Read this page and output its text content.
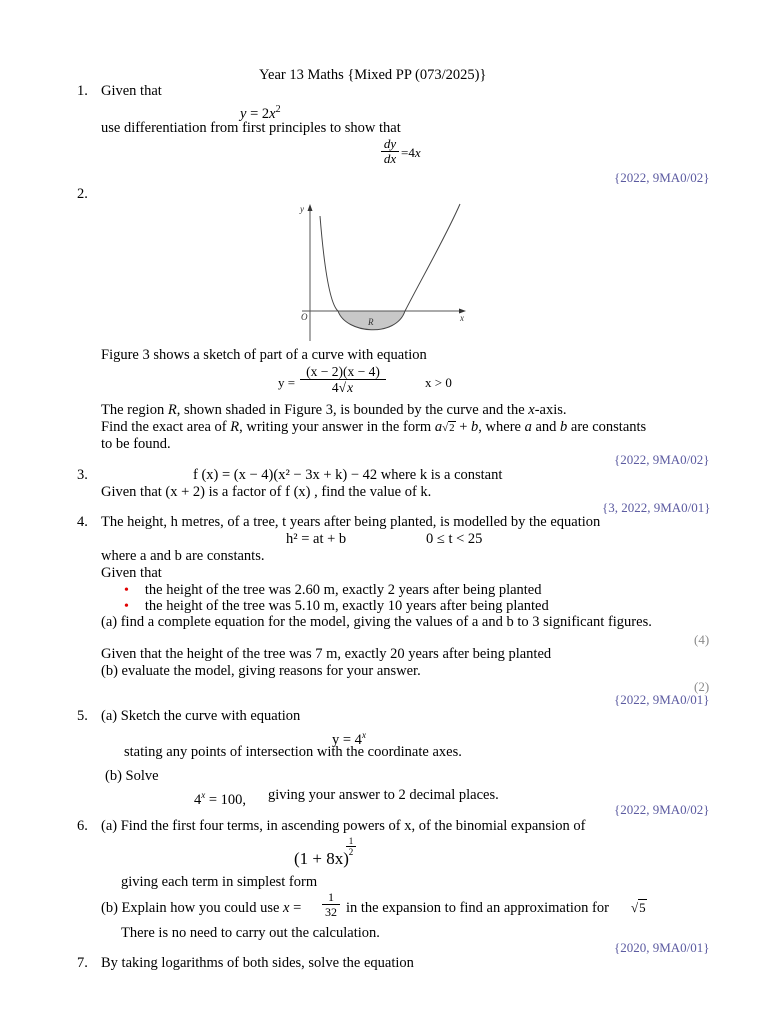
Year 13 Maths {Mixed PP (073/2025)}
1. Given that
$y = 2x^2$
use differentiation from first principles to show that
dy
dx =4x
{2022, 9MA0/02}
2.
y
x
O	R
Figure 3 shows a sketch of part of a curve with equation
y =
(x − 2)(x − 4)
4√x	x > 0
The region R, shown shaded in Figure 3, is bounded by the curve and the x-axis.
Find the exact area of R, writing your answer in the form a√2 + b, where a and b are constants
to be found.
{2022, 9MA0/02}
3.	f (x) = (x − 4)(x² − 3x + k) − 42 where k is a constant
Given that (x + 2) is a factor of f (x) , find the value of k.
{3, 2022, 9MA0/01}
4. The height, h metres, of a tree, t years after being planted, is modelled by the equation
h² = at + b	0 ≤ t < 25
where a and b are constants.
Given that
• the height of the tree was 2.60 m, exactly 2 years after being planted
• the height of the tree was 5.10 m, exactly 10 years after being planted
(a) find a complete equation for the model, giving the values of a and b to 3 significant figures.
(4)
Given that the height of the tree was 7 m, exactly 20 years after being planted
(b) evaluate the model, giving reasons for your answer.
(2)
{2022, 9MA0/01}
5. (a) Sketch the curve with equation
$y = 4^x$
stating any points of intersection with the coordinate axes.
(b) Solve
$4^x = 100$, giving your answer to 2 decimal places.
{2022, 9MA0/02}
6. (a) Find the first four terms, in ascending powers of x, of the binomial expansion of
(1 + 8x)
1
2
giving each term in simplest form
(b) Explain how you could use x =
1
32 in the expansion to find an approximation for √5
There is no need to carry out the calculation.
{2020, 9MA0/01}
7. By taking logarithms of both sides, solve the equation
